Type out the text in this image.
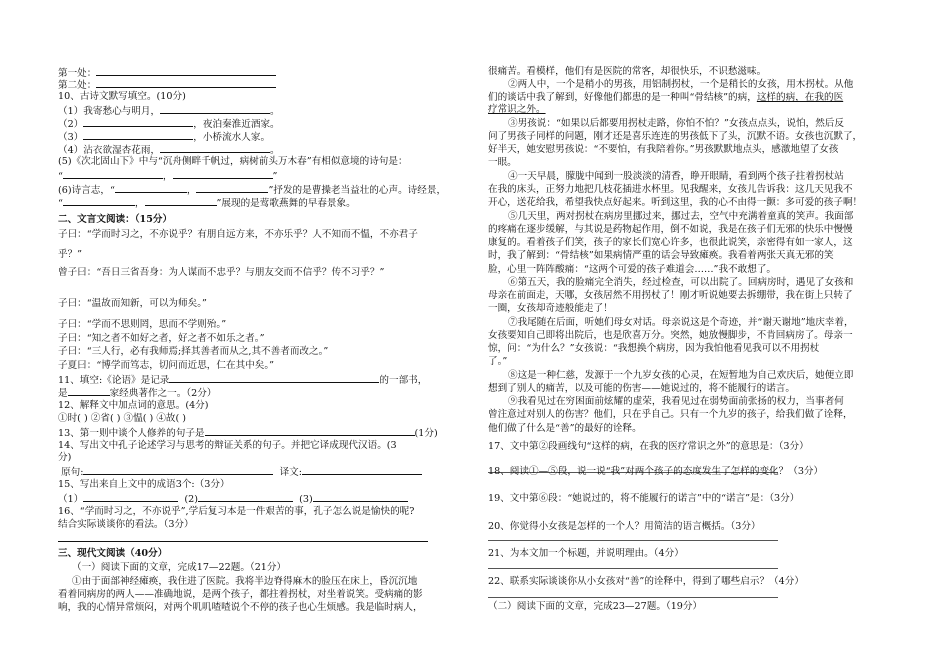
第一处：
第二处：
10、古诗文默写填空。(10分)
（1）我寄愁心与明月，	。
（2）	，夜泊秦淮近酒家。
（3）	，小桥流水人家。
（4）沾衣欲湿杏花雨，	。
(5)《次北固山下》中与“沉舟侧畔千帆过，病树前头万木春”有相似意境的诗句是：
“	，	”
(6)诗言志，“	，	”抒发的是曹操老当益壮的心声。诗经景，
“	，	”展现的是莺歌燕舞的早春景象。
二、文言文阅读：（15分）
子曰：“学而时习之，不亦说乎？有朋自远方来，不亦乐乎？人不知而不愠，不亦君子
乎？”
曾子曰：“吾日三省吾身：为人谋而不忠乎？与朋友交而不信乎？传不习乎？”
子曰：“温故而知新，可以为师矣。”
子曰：“学而不思则罔，思而不学则殆。”
子曰：“知之者不如好之者，好之者不如乐之者。”
子曰：“三人行，必有我师焉;择其善者而从之,其不善者而改之。”
子夏曰：“博学而笃志，切问而近思，仁在其中矣。”
11、填空:《论语》是记录	的一部书，
是	家经典著作之一。（2分）
12、解释文中加点词的意思。(4分)
①时( ) ②省( ) ③愠( ) ④故( )
13、第一则中谈个人修养的句子是	(1分)
14、写出文中孔子论述学习与思考的辩证关系的句子。并把它译成现代汉语。(3
分)
原句:	译文:
15、写出来自上文中的成语3个:（3分）
（1）	(2)	(3)
16、“学而时习之，不亦说乎”,学后复习本是一件艰苦的事，孔子怎么说是愉快的呢?
结合实际谈谈你的看法。（3分）
三、现代文阅读（40分）
（一）阅读下面的文章，完成17—22题。（21分）
①由于面部神经瘫痪，我住进了医院。我将半边脊得麻木的脸压在床上，昏沉沉地
看着同病房的两人——准确地说，是两个孩子，都拄着拐杖，对坐着说笑。受病痛的影
响，我的心情异常烦闷，对两个叽叽喳喳说个不停的孩子也心生烦感。我是临时病人，
很痛苦。看模样，他们有是医院的常客，却很快乐，不识愁滋味。
②两人中，一个是稍小的男孩，用铝制拐杖，一个是稍长的女孩，用木拐杖。从他
们的谈话中我了解到，好像他们都患的是一种叫“骨结核”的病，这样的病，在我的医
疗常识之外。
③男孩说：“如果以后都要用拐杖走路，你怕不怕？”女孩点点头，说怕，然后反
问了男孩子同样的问题，刚才还是喜乐连连的男孩低下了头，沉默不语。女孩也沉默了，
好半天，她安慰男孩说：“不要怕，有我陪着你。”男孩默默地点头，感激地望了女孩
一眼。
④一天早晨，朦胧中闻到一股淡淡的清香，睁开眼睛，看到两个孩子拄着拐杖站
在我的床头，正努力地把几枝花插进水杯里。见我醒来，女孩儿告诉我：这几天见我不
开心，送花给我，希望我快点好起来。听到这里，我的心不由得一颤：多可爱的孩子啊！
⑤几天里，两对拐杖在病房里挪过来，挪过去，空气中充满着童真的笑声。我面部
的疼痛在逐步缓解，与其说是药物起作用，倒不如说，我是在孩子们无邪的快乐中慢慢
康复的。看着孩子们笑，孩子的家长们宽心许多，也很此说笑，亲密得有如一家人，这
时，我了解到：“骨结核”如果病情严重的话会导致瘫痪。我看着两张天真无邪的笑
脸，心里一阵阵酸痛：“这两个可爱的孩子难道会……”我不敢想了。
⑥第五天，我的脸痛完全消失，经过检查，可以出院了。回病房时，遇见了女孩和
母亲在前面走，天哪，女孩居然不用拐杖了！刚才听说她要去拆绷带，我在街上只转了
一圈，女孩却奇迹般能走了！
⑦我尾随在后面，听她们母女对话。母亲说这是个奇迹，并“谢天谢地”地庆幸着，
女孩要知自己即将出院后，也是欣喜万分。突然，她放慢脚步，不肯回病房了。母亲一
惊，问：“为什么？”女孩说：“我想换个病房，因为我怕他看见我可以不用拐杖
了。”
⑧这是一种仁慈，发源于一个九岁女孩的心灵，在短暂地为自己欢庆后，她便立即
想到了别人的痛苦，以及可能的伤害——她说过的，将不能履行的诺言。
⑨我看见过在穷困面前炫耀的虚荣，我看见过在弱势面前张扬的权力，当事者何
曾注意过对别人的伤害？他们，只在乎自己。只有一个九岁的孩子，给我们做了诠释，
他们做了什么是“善”的最好的诠释。
17、文中第②段画线句“这样的病，在我的医疗常识之外”的意思是：（3分）
18、阅读①—⑤段，说一说“我”对两个孩子的态度发生了怎样的变化？（3分）
19、文中第⑥段：“她说过的，将不能履行的诺言”中的“诺言”是：（3分）
20、你觉得小女孩是怎样的一个人？用简洁的语言概括。（3分）
21、为本文加一个标题，并说明理由。（4分）
22、联系实际谈谈你从小女孩对“善”的诠释中，得到了哪些启示？（4分）
（二）阅读下面的文章，完成23—27题。（19分）
